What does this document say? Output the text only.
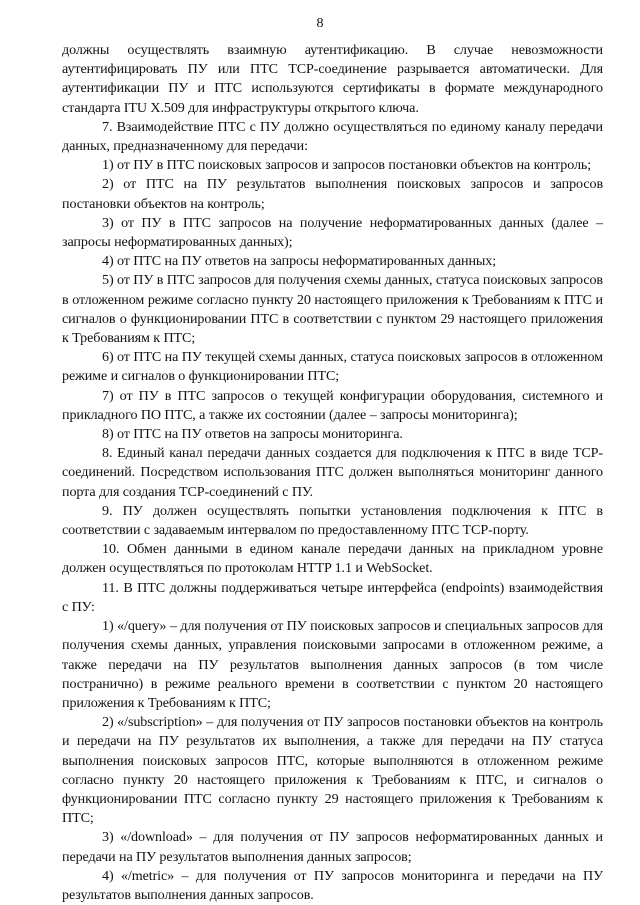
8

должны осуществлять взаимную аутентификацию. В случае невозможности аутентифицировать ПУ или ПТС TCP-соединение разрывается автоматически. Для аутентификации ПУ и ПТС используются сертификаты в формате международного стандарта ITU X.509 для инфраструктуры открытого ключа.

7. Взаимодействие ПТС с ПУ должно осуществляться по единому каналу передачи данных, предназначенному для передачи:

1) от ПУ в ПТС поисковых запросов и запросов постановки объектов на контроль;

2) от ПТС на ПУ результатов выполнения поисковых запросов и запросов постановки объектов на контроль;

3) от ПУ в ПТС запросов на получение неформатированных данных (далее – запросы неформатированных данных);

4) от ПТС на ПУ ответов на запросы неформатированных данных;

5) от ПУ в ПТС запросов для получения схемы данных, статуса поисковых запросов в отложенном режиме согласно пункту 20 настоящего приложения к Требованиям к ПТС и сигналов о функционировании ПТС в соответствии с пунктом 29 настоящего приложения к Требованиям к ПТС;

6) от ПТС на ПУ текущей схемы данных, статуса поисковых запросов в отложенном режиме и сигналов о функционировании ПТС;

7) от ПУ в ПТС запросов о текущей конфигурации оборудования, системного и прикладного ПО ПТС, а также их состоянии (далее – запросы мониторинга);

8) от ПТС на ПУ ответов на запросы мониторинга.

8. Единый канал передачи данных создается для подключения к ПТС в виде TCP-соединений. Посредством использования ПТС должен выполняться мониторинг данного порта для создания TCP-соединений с ПУ.

9. ПУ должен осуществлять попытки установления подключения к ПТС в соответствии с задаваемым интервалом по предоставленному ПТС TCP-порту.

10. Обмен данными в едином канале передачи данных на прикладном уровне должен осуществляться по протоколам HTTP 1.1 и WebSocket.

11. В ПТС должны поддерживаться четыре интерфейса (endpoints) взаимодействия с ПУ:

1) «/query» – для получения от ПУ поисковых запросов и специальных запросов для получения схемы данных, управления поисковыми запросами в отложенном режиме, а также передачи на ПУ результатов выполнения данных запросов (в том числе постранично) в режиме реального времени в соответствии с пунктом 20 настоящего приложения к Требованиям к ПТС;

2) «/subscription» – для получения от ПУ запросов постановки объектов на контроль и передачи на ПУ результатов их выполнения, а также для передачи на ПУ статуса выполнения поисковых запросов ПТС, которые выполняются в отложенном режиме согласно пункту 20 настоящего приложения к Требованиям к ПТС, и сигналов о функционировании ПТС согласно пункту 29 настоящего приложения к Требованиям к ПТС;

3) «/download» – для получения от ПУ запросов неформатированных данных и передачи на ПУ результатов выполнения данных запросов;

4) «/metric» – для получения от ПУ запросов мониторинга и передачи на ПУ результатов выполнения данных запросов.
